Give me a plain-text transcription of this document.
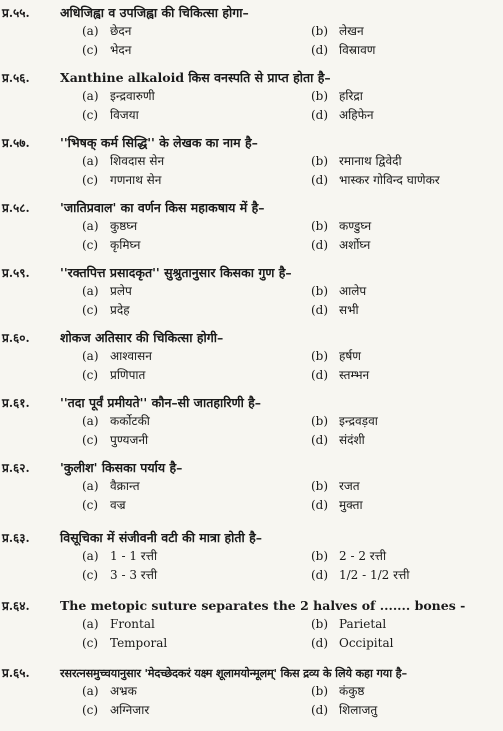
प्र.५५. अधिजिह्वा व उपजिह्वा की चिकित्सा होगा–
(a) छेदन	(b) लेखन
(c) भेदन	(d) विस्रावण
प्र.५६. Xanthine alkaloid किस वनस्पति से प्राप्त होता है–
(a) इन्द्रवारुणी	(b) हरिद्रा
(c) विजया	(d) अहिफेन
प्र.५७. ''भिषक् कर्म सिद्धि'' के लेखक का नाम है–
(a) शिवदास सेन	(b) रमानाथ द्विवेदी
(c) गणनाथ सेन	(d) भास्कर गोविन्द घाणेकर
प्र.५८. 'जातिप्रवाल' का वर्णन किस महाकषाय में है–
(a) कुष्ठघ्न	(b) कण्डुघ्न
(c) कृमिघ्न	(d) अर्शोघ्न
प्र.५९. ''रक्तपित्त प्रसादकृत'' सुश्रुतानुसार किसका गुण है–
(a) प्रलेप	(b) आलेप
(c) प्रदेह	(d) सभी
प्र.६०. शोकज अतिसार की चिकित्सा होगी–
(a) आश्वासन	(b) हर्षण
(c) प्रणिपात	(d) स्तम्भन
प्र.६१. ''तदा पूर्वं प्रमीयते'' कौन–सी जातहारिणी है–
(a) कर्कोटकी	(b) इन्द्रवड़वा
(c) पुण्यजनी	(d) संदंशी
प्र.६२. 'कुलीश' किसका पर्याय है–
(a) वैक्रान्त	(b) रजत
(c) वज्र	(d) मुक्ता
प्र.६३. विसूचिका में संजीवनी वटी की मात्रा होती है–
(a) 1 - 1 रत्ती	(b) 2 - 2 रत्ती
(c) 3 - 3 रत्ती	(d) 1/2 - 1/2 रत्ती
प्र.६४. The metopic suture separates the 2 halves of ....... bones -
(a) Frontal	(b) Parietal
(c) Temporal	(d) Occipital
प्र.६५.	रसरत्नसमुच्चयानुसार 'मेदच्छेदकरं यक्ष्म शूलामयोन्मूलम्' किस द्रव्य के लिये कहा गया है–
(a) अभ्रक	(b) कंकुष्ठ
(c) अग्निजार	(d) शिलाजतु
